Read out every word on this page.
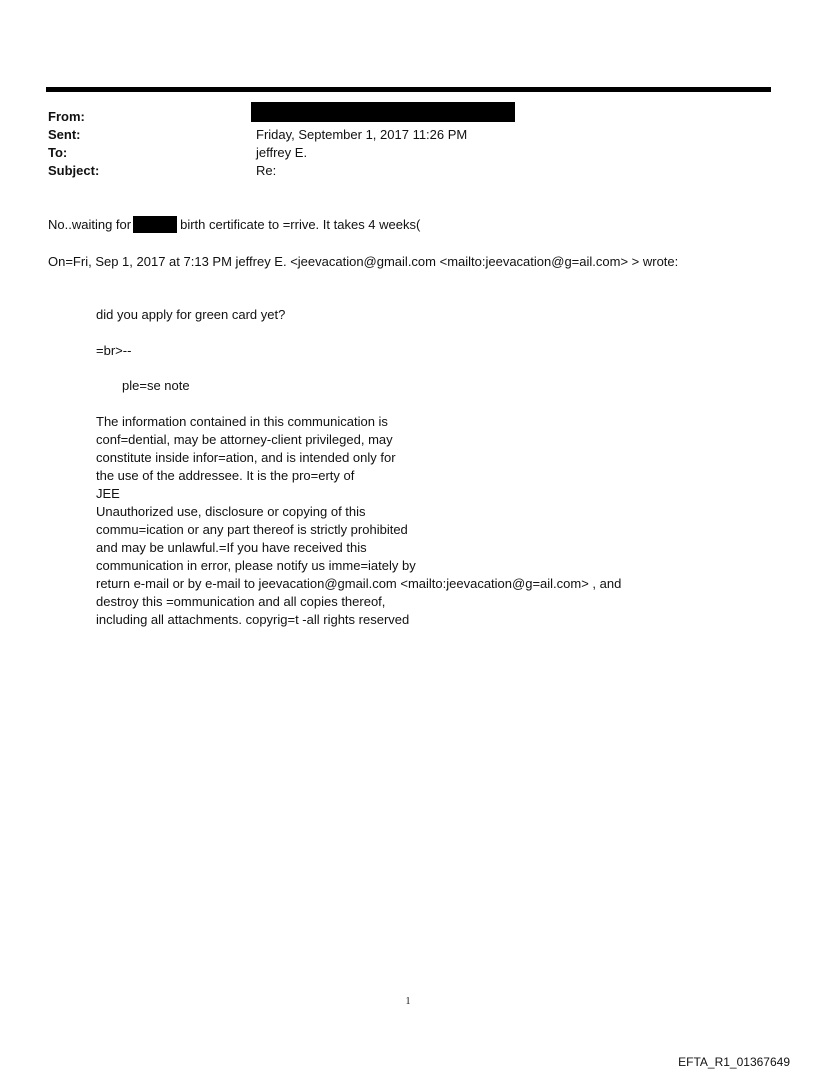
From:
Sent:	Friday, September 1, 2017 11:26 PM
To:	jeffrey E.
Subject:	Re:
No..waiting for	birth certificate to =rrive. It takes 4 weeks(
On=Fri, Sep 1, 2017 at 7:13 PM jeffrey E. <jeevacation@gmail.com <mailto:jeevacation@g=ail.com> > wrote:
did you apply for green card yet?
=br>--
ple=se note
The information contained in this communication is
conf=dential, may be attorney-client privileged, may
constitute inside infor=ation, and is intended only for
the use of the addressee. It is the pro=erty of
JEE
Unauthorized use, disclosure or copying of this
commu=ication or any part thereof is strictly prohibited
and may be unlawful.=If you have received this
communication in error, please notify us imme=iately by
return e-mail or by e-mail to jeevacation@gmail.com <mailto:jeevacation@g=ail.com> , and
destroy this =ommunication and all copies thereof,
including all attachments. copyrig=t -all rights reserved
1
EFTA_R1_01367649
